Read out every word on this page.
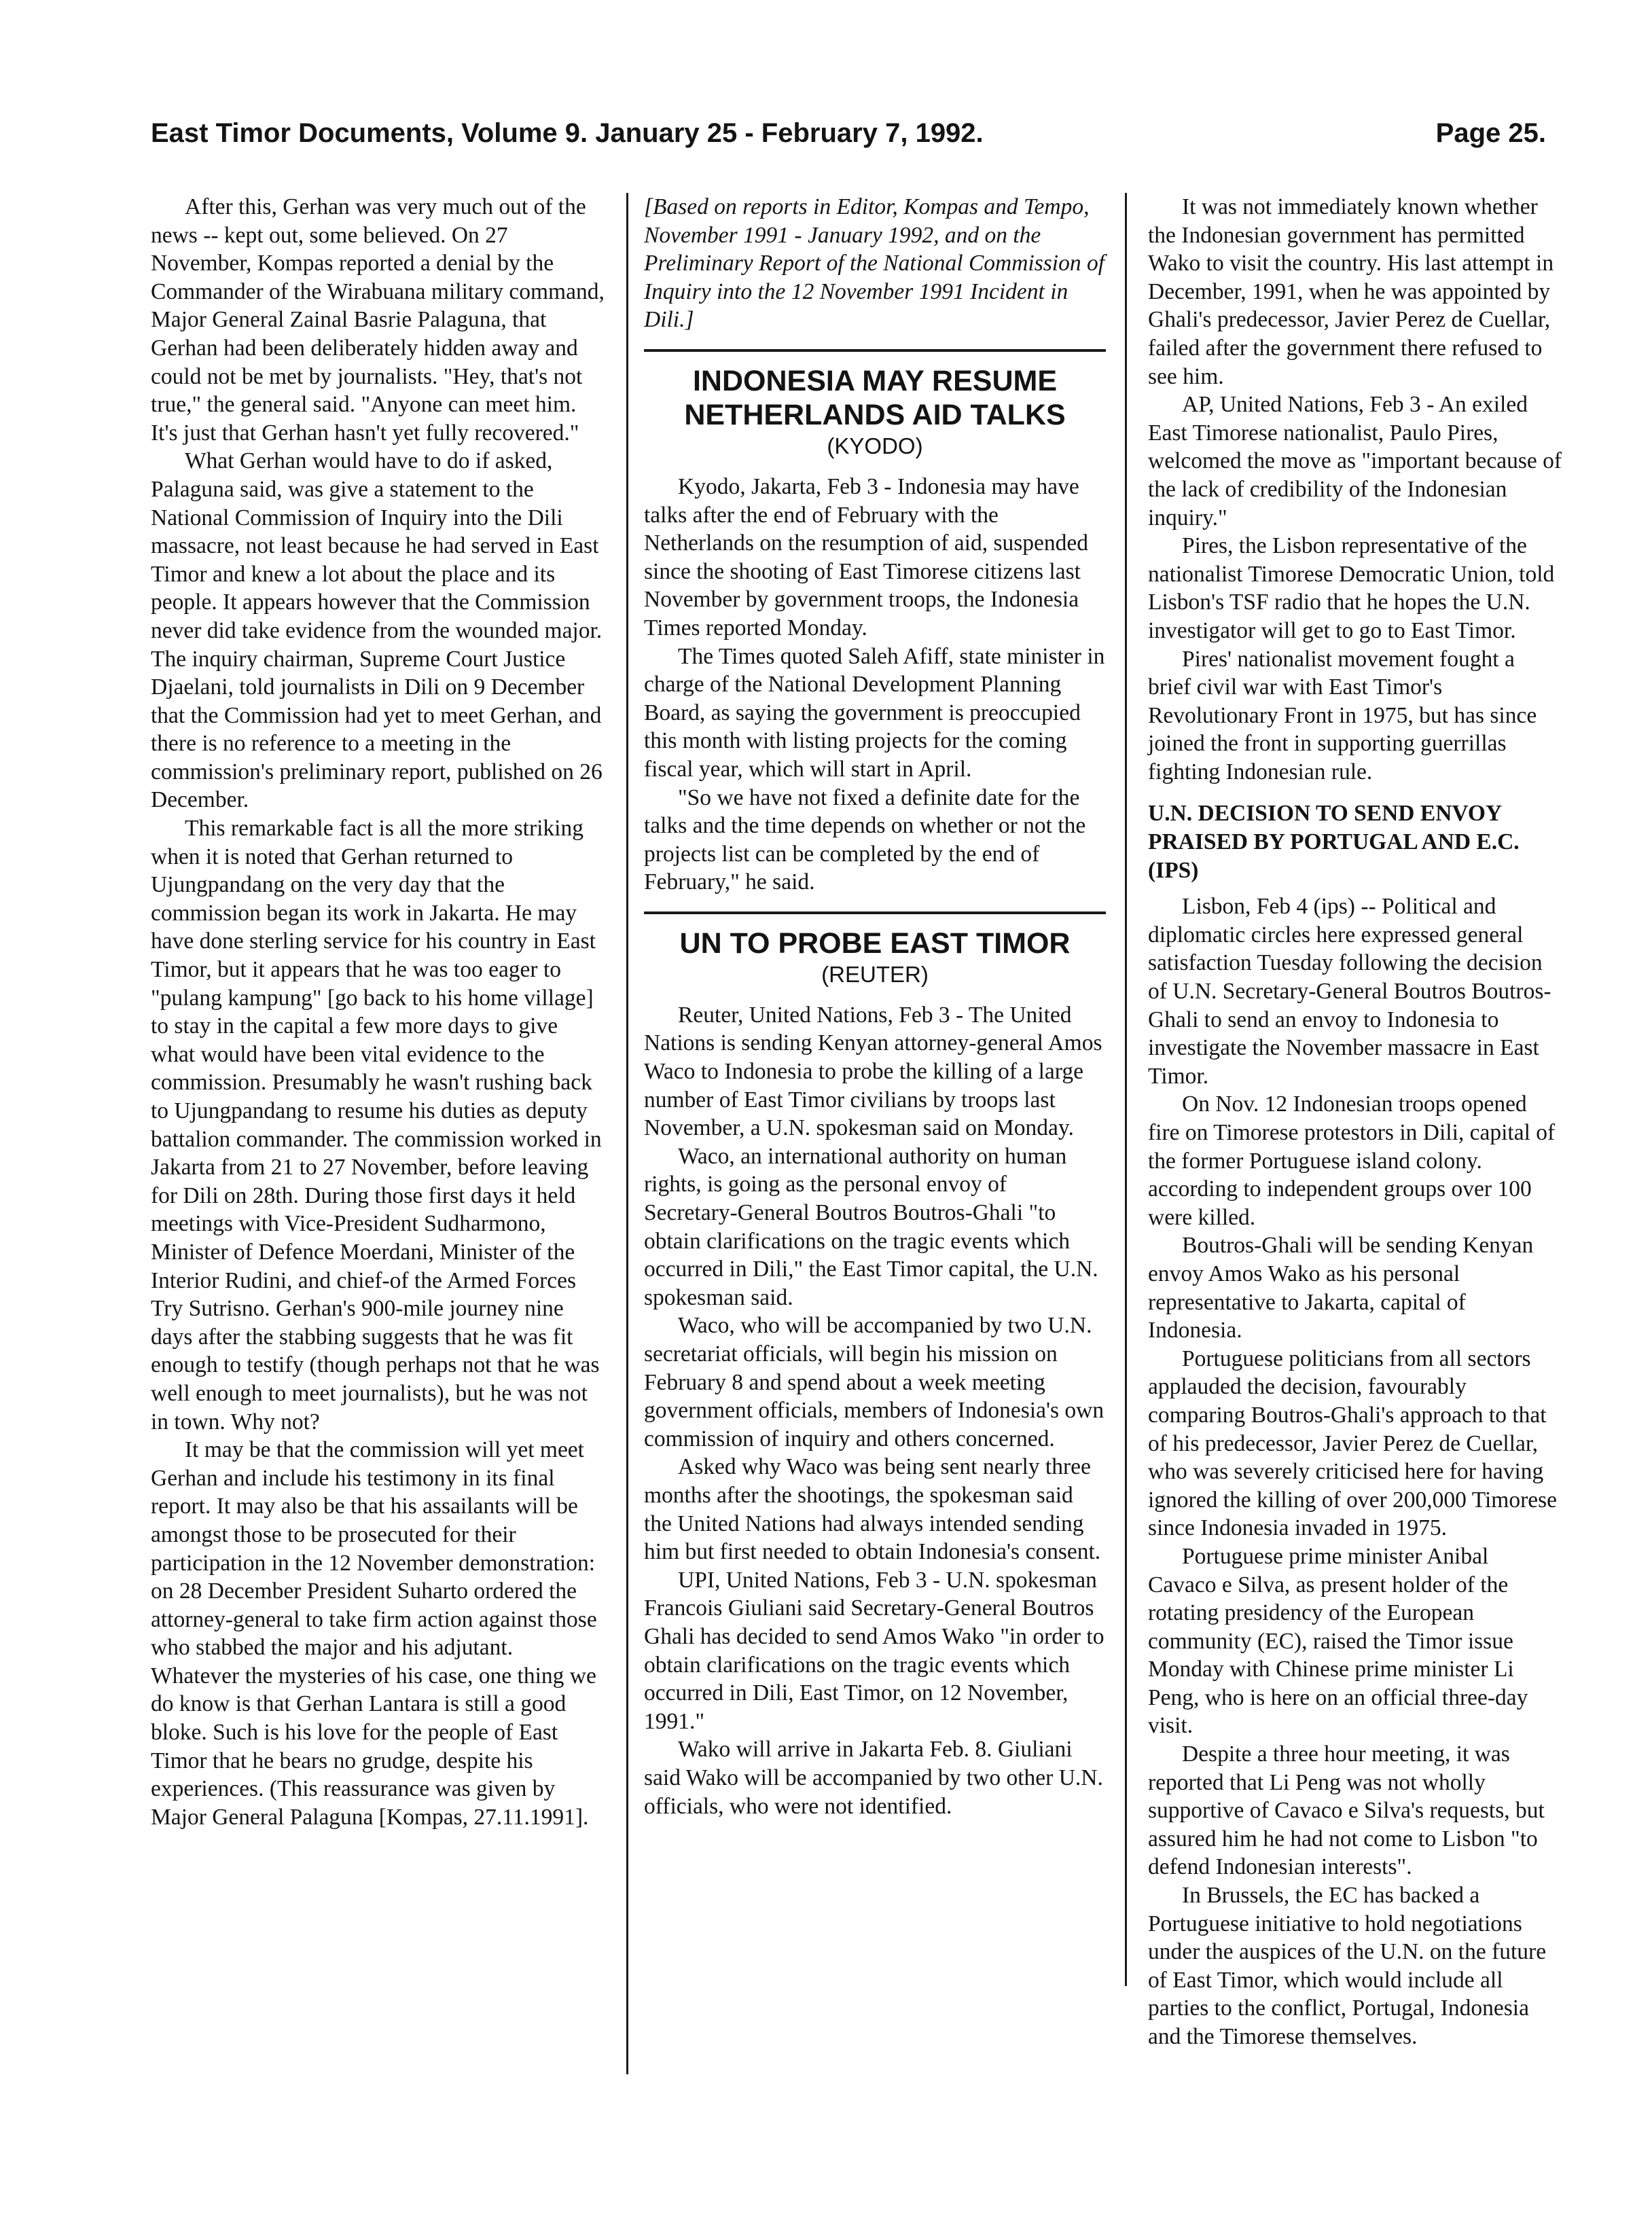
East Timor Documents, Volume 9. January 25 - February 7, 1992.	Page 25.

After this, Gerhan was very much out of the news -- kept out, some believed. On 27 November, Kompas reported a denial by the Commander of the Wirabuana military command, Major General Zainal Basrie Palaguna, that Gerhan had been deliberately hidden away and could not be met by journalists. "Hey, that's not true," the general said. "Anyone can meet him. It's just that Gerhan hasn't yet fully recovered."

What Gerhan would have to do if asked, Palaguna said, was give a statement to the National Commission of Inquiry into the Dili massacre, not least because he had served in East Timor and knew a lot about the place and its people. It appears however that the Commission never did take evidence from the wounded major. The inquiry chairman, Supreme Court Justice Djaelani, told journalists in Dili on 9 December that the Commission had yet to meet Gerhan, and there is no reference to a meeting in the commission's preliminary report, published on 26 December.

This remarkable fact is all the more striking when it is noted that Gerhan returned to Ujungpandang on the very day that the commission began its work in Jakarta. He may have done sterling service for his country in East Timor, but it appears that he was too eager to "pulang kampung" [go back to his home village] to stay in the capital a few more days to give what would have been vital evidence to the commission. Presumably he wasn't rushing back to Ujungpandang to resume his duties as deputy battalion commander. The commission worked in Jakarta from 21 to 27 November, before leaving for Dili on 28th. During those first days it held meetings with Vice-President Sudharmono, Minister of Defence Moerdani, Minister of the Interior Rudini, and chief-of the Armed Forces Try Sutrisno. Gerhan's 900-mile journey nine days after the stabbing suggests that he was fit enough to testify (though perhaps not that he was well enough to meet journalists), but he was not in town. Why not?

It may be that the commission will yet meet Gerhan and include his testimony in its final report. It may also be that his assailants will be amongst those to be prosecuted for their participation in the 12 November demonstration: on 28 December President Suharto ordered the attorney-general to take firm action against those who stabbed the major and his adjutant. Whatever the mysteries of his case, one thing we do know is that Gerhan Lantara is still a good bloke. Such is his love for the people of East Timor that he bears no grudge, despite his experiences. (This reassurance was given by Major General Palaguna [Kompas, 27.11.1991].

[Based on reports in Editor, Kompas and Tempo, November 1991 - January 1992, and on the Preliminary Report of the National Commission of Inquiry into the 12 November 1991 Incident in Dili.]

INDONESIA MAY RESUME NETHERLANDS AID TALKS

(KYODO)

Kyodo, Jakarta, Feb 3 - Indonesia may have talks after the end of February with the Netherlands on the resumption of aid, suspended since the shooting of East Timorese citizens last November by government troops, the Indonesia Times reported Monday.

The Times quoted Saleh Afiff, state minister in charge of the National Development Planning Board, as saying the government is preoccupied this month with listing projects for the coming fiscal year, which will start in April.

"So we have not fixed a definite date for the talks and the time depends on whether or not the projects list can be completed by the end of February," he said.

UN TO PROBE EAST TIMOR

(REUTER)

Reuter, United Nations, Feb 3 - The United Nations is sending Kenyan attorney-general Amos Waco to Indonesia to probe the killing of a large number of East Timor civilians by troops last November, a U.N. spokesman said on Monday.

Waco, an international authority on human rights, is going as the personal envoy of Secretary-General Boutros Boutros-Ghali "to obtain clarifications on the tragic events which occurred in Dili," the East Timor capital, the U.N. spokesman said.

Waco, who will be accompanied by two U.N. secretariat officials, will begin his mission on February 8 and spend about a week meeting government officials, members of Indonesia's own commission of inquiry and others concerned.

Asked why Waco was being sent nearly three months after the shootings, the spokesman said the United Nations had always intended sending him but first needed to obtain Indonesia's consent.

UPI, United Nations, Feb 3 - U.N. spokesman Francois Giuliani said Secretary-General Boutros Ghali has decided to send Amos Wako "in order to obtain clarifications on the tragic events which occurred in Dili, East Timor, on 12 November, 1991."

Wako will arrive in Jakarta Feb. 8. Giuliani said Wako will be accompanied by two other U.N. officials, who were not identified.

It was not immediately known whether the Indonesian government has permitted Wako to visit the country. His last attempt in December, 1991, when he was appointed by Ghali's predecessor, Javier Perez de Cuellar, failed after the government there refused to see him.

AP, United Nations, Feb 3 - An exiled East Timorese nationalist, Paulo Pires, welcomed the move as "important because of the lack of credibility of the Indonesian inquiry."

Pires, the Lisbon representative of the nationalist Timorese Democratic Union, told Lisbon's TSF radio that he hopes the U.N. investigator will get to go to East Timor.

Pires' nationalist movement fought a brief civil war with East Timor's Revolutionary Front in 1975, but has since joined the front in supporting guerrillas fighting Indonesian rule.

U.N. DECISION TO SEND ENVOY PRAISED BY PORTUGAL AND E.C. (IPS)

Lisbon, Feb 4 (ips) -- Political and diplomatic circles here expressed general satisfaction Tuesday following the decision of U.N. Secretary-General Boutros Boutros-Ghali to send an envoy to Indonesia to investigate the November massacre in East Timor.

On Nov. 12 Indonesian troops opened fire on Timorese protestors in Dili, capital of the former Portuguese island colony. according to independent groups over 100 were killed.

Boutros-Ghali will be sending Kenyan envoy Amos Wako as his personal representative to Jakarta, capital of Indonesia.

Portuguese politicians from all sectors applauded the decision, favourably comparing Boutros-Ghali's approach to that of his predecessor, Javier Perez de Cuellar, who was severely criticised here for having ignored the killing of over 200,000 Timorese since Indonesia invaded in 1975.

Portuguese prime minister Anibal Cavaco e Silva, as present holder of the rotating presidency of the European community (EC), raised the Timor issue Monday with Chinese prime minister Li Peng, who is here on an official three-day visit.

Despite a three hour meeting, it was reported that Li Peng was not wholly supportive of Cavaco e Silva's requests, but assured him he had not come to Lisbon "to defend Indonesian interests".

In Brussels, the EC has backed a Portuguese initiative to hold negotiations under the auspices of the U.N. on the future of East Timor, which would include all parties to the conflict, Portugal, Indonesia and the Timorese themselves.
